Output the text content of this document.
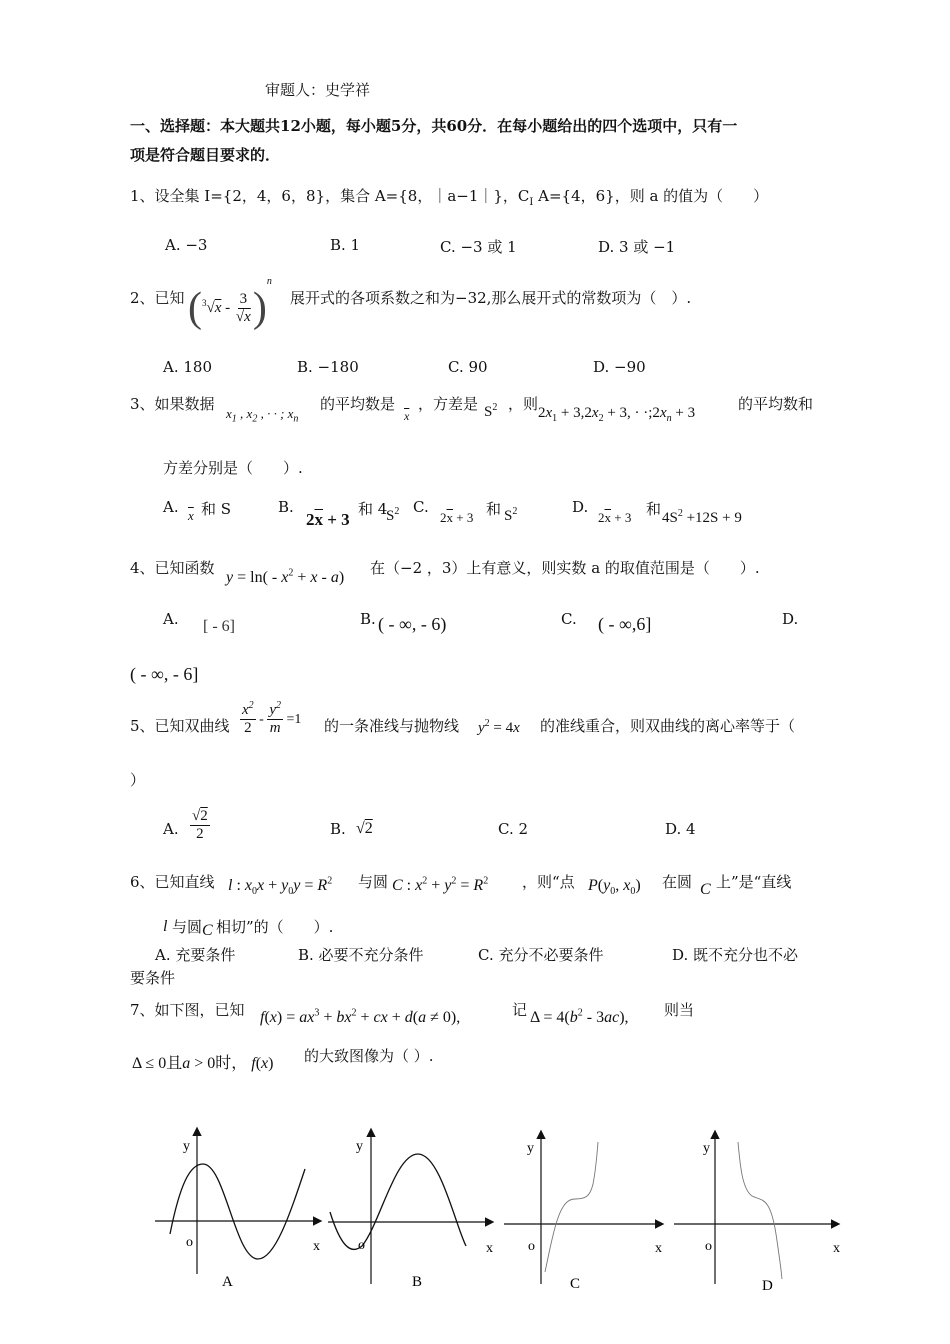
审题人：史学祥
一、选择题：本大题共12小题，每小题5分，共60分．在每小题给出的四个选项中，只有一
项是符合题目要求的．
1、设全集 I={2，4，6，8}，集合 A={8，｜a−1｜}，$C_I$ A={4，6}，则 a 的值为（　　）
A. −3	B. 1	C. −3 或 1	D. 3 或 −1
2、已知 ( $^3√x - \frac{3}{√x}$ )
n
展开式的各项系数之和为−32,那么展开式的常数项为（　）.
A. 180	B. −180	C. 90	D. −90
3、如果数据
$x_1$ , $x_2$ , · · ; $x_n$
的平均数是
$\overline{x}$
，方差是 $S^2$ ，则 $2x_1 + 3,2x_2 + 3$, · $\cdot;2x_n + 3$	的平均数和
方差分别是（　　）.
A. $\overline{x}$ 和 S	B.
$2\overline{x} + 3$
和 4
$S^2$ C.
$2\overline{x} + 3$ 和 $S^2$	D.
$2\overline{x} + 3$ 和 $4S^2 +12S + 9$
4、已知函数
$y = \ln( - x^2 + x - a)$
在（−2 ，3）上有意义，则实数 a 的取值范围是（　　）.
A. [ - 6]	B. ( - ∞, - 6)	C. ( - ∞,6]	D.
( - ∞, - 6]
5、已知双曲线 $\frac{x^2}{2} - \frac{y^2}{m} =1$ 的一条准线与抛物线 $y^2 = 4x$ 的准线重合，则双曲线的离心率等于（
）
A. $\frac{√2}{2}$	B. √2	C. 2	D. 4
6、已知直线 l : $x_0x + y_0y = R^2$ 与圆 C : $x^2 + y^2 = R^2$ ，则“点 $P(y_0$, $x_0$) 在圆 C 上”是“直线
l 与圆 C 相切”的（　　）.
A. 充要条件	B. 必要不充分条件	C. 充分不必要条件	D. 既不充分也不必
要条件
7、如下图，已知 $f(x) = ax^3 + bx^2$ + cx + d(a ≠ 0),	记 $\Delta = 4(b^2 - 3ac)$, 则当
Δ ≤ 0且a > 0时， f(x) 的大致图像为（ ）.
y
x
o
A
y
x
o
B
y
x
o
C
y
x
o
D
